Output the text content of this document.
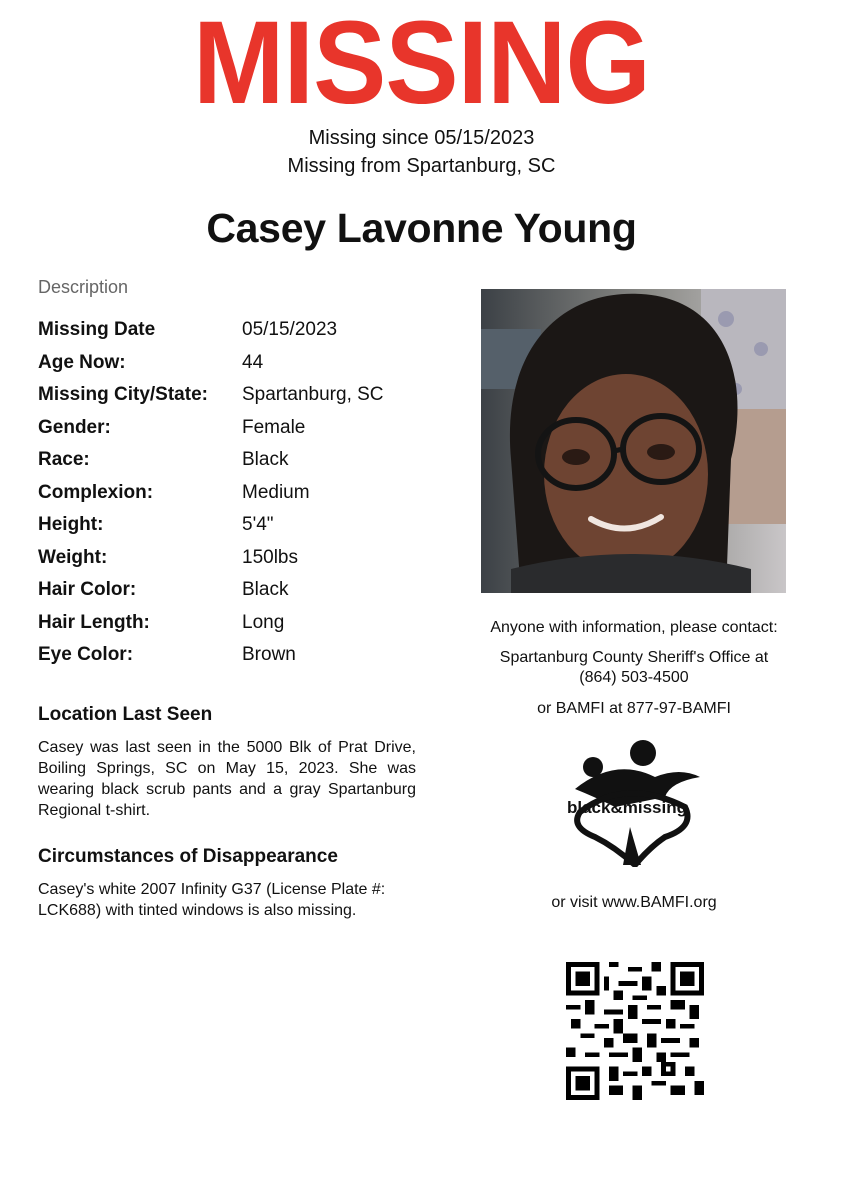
MISSING
Missing since 05/15/2023
Missing from Spartanburg, SC
Casey Lavonne Young
Description
Missing Date	05/15/2023
Age Now:	44
Missing City/State:	Spartanburg, SC
Gender:	Female
Race:	Black
Complexion:	Medium
Height:	5'4"
Weight:	150lbs
Hair Color:	Black
Hair Length:	Long
Eye Color:	Brown
Location Last Seen
Casey was last seen in the 5000 Blk of Prat Drive, Boiling Springs, SC on May 15, 2023. She was wearing black scrub pants and a gray Spartanburg Regional t-shirt.
Circumstances of Disappearance
Casey's white 2007 Infinity G37 (License Plate #: LCK688) with tinted windows is also missing.
Anyone with information, please contact:
Spartanburg County Sheriff's Office at
(864) 503-4500
or BAMFI at 877-97-BAMFI
black&missing
or visit www.BAMFI.org
